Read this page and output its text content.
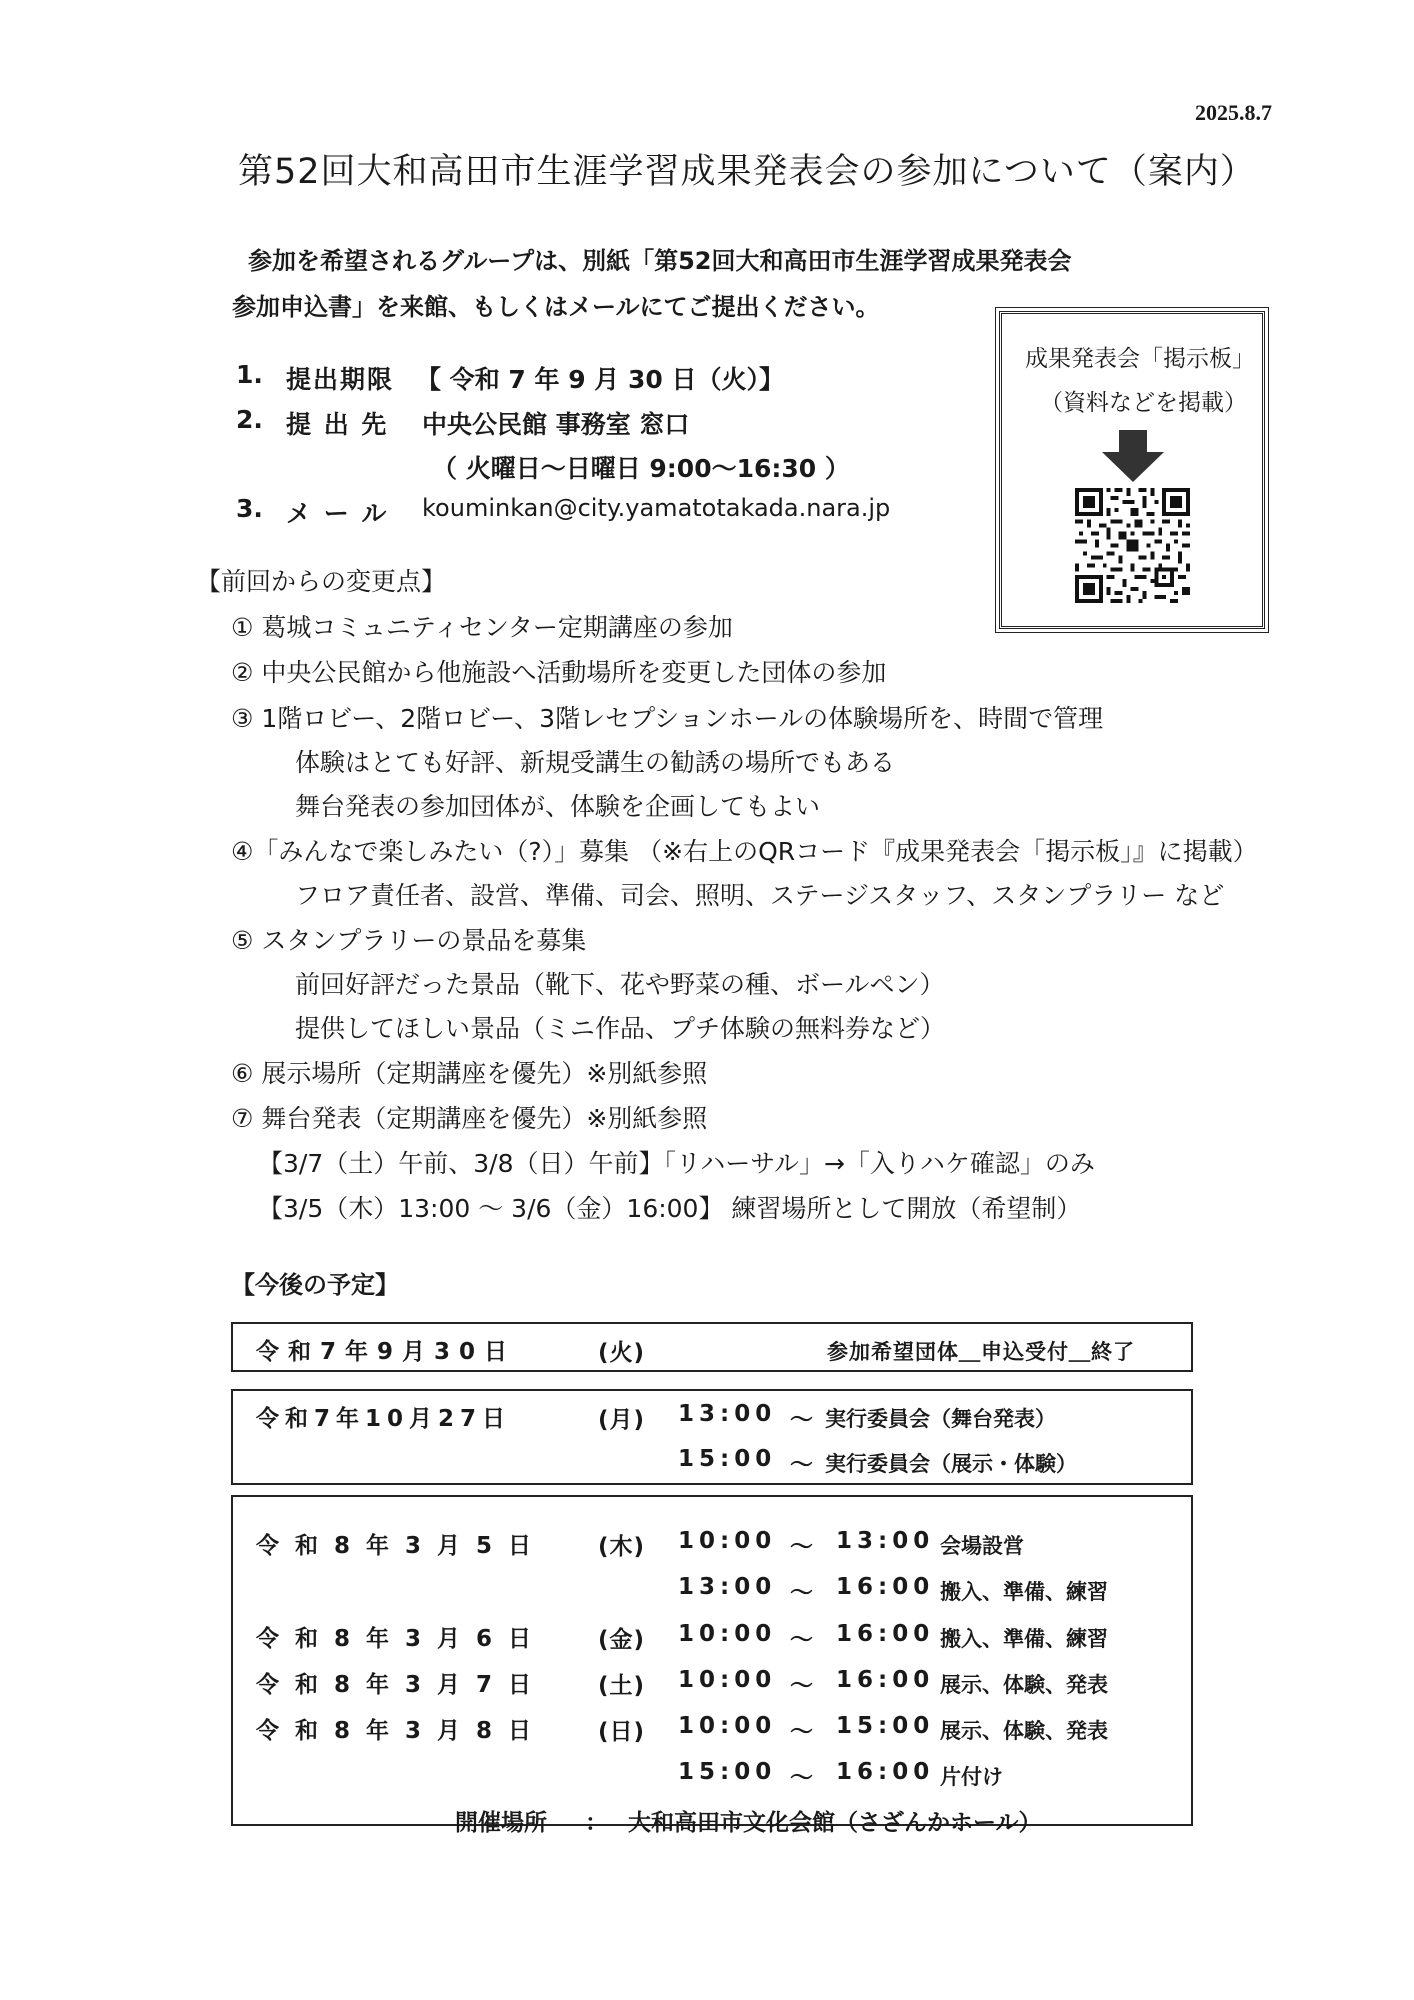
2025.8.7
第52回大和高田市生涯学習成果発表会の参加について（案内）
参加を希望されるグループは、別紙「第52回大和高田市生涯学習成果発表会
参加申込書」を来館、もしくはメールにてご提出ください。
1. 提出期限 【 令和 7 年 9 月 30 日（火）】
2. 提 出 先 中央公民館 事務室 窓口
（ 火曜日～日曜日 9:00～16:30 ）
3. メ ー ル kouminkan@city.yamatotakada.nara.jp
成果発表会「掲示板」
（資料などを掲載）
【前回からの変更点】
① 葛城コミュニティセンター定期講座の参加
② 中央公民館から他施設へ活動場所を変更した団体の参加
③ 1階ロビー、2階ロビー、3階レセプションホールの体験場所を、時間で管理
体験はとても好評、新規受講生の勧誘の場所でもある
舞台発表の参加団体が、体験を企画してもよい
④「みんなで楽しみたい（?）」募集 （※右上のQRコード『成果発表会「掲示板」』に掲載）
フロア責任者、設営、準備、司会、照明、ステージスタッフ、スタンプラリー など
⑤ スタンプラリーの景品を募集
前回好評だった景品（靴下、花や野菜の種、ボールペン）
提供してほしい景品（ミニ作品、プチ体験の無料券など）
⑥ 展示場所（定期講座を優先）※別紙参照
⑦ 舞台発表（定期講座を優先）※別紙参照
【3/7（土）午前、3/8（日）午前】「リハーサル」→「入りハケ確認」のみ
【3/5（木）13:00 ～ 3/6（金）16:00】 練習場所として開放（希望制）
【今後の予定】
令和7年9月30日	(火)	参加希望団体＿申込受付＿終了
令和7年10月27日	(月) 13:00 ～ 実行委員会（舞台発表）
15:00 ～ 実行委員会（展示・体験）
令和8年3月5日 (木) 10:00 ～ 13:00 会場設営
13:00 ～ 16:00 搬入、準備、練習
令和8年3月6日 (金) 10:00 ～ 16:00 搬入、準備、練習
令和8年3月7日 (土) 10:00 ～ 16:00 展示、体験、発表
令和8年3月8日 (日) 10:00 ～ 15:00 展示、体験、発表
15:00 ～ 16:00 片付け
開催場所 ： 大和高田市文化会館（さざんかホール）
